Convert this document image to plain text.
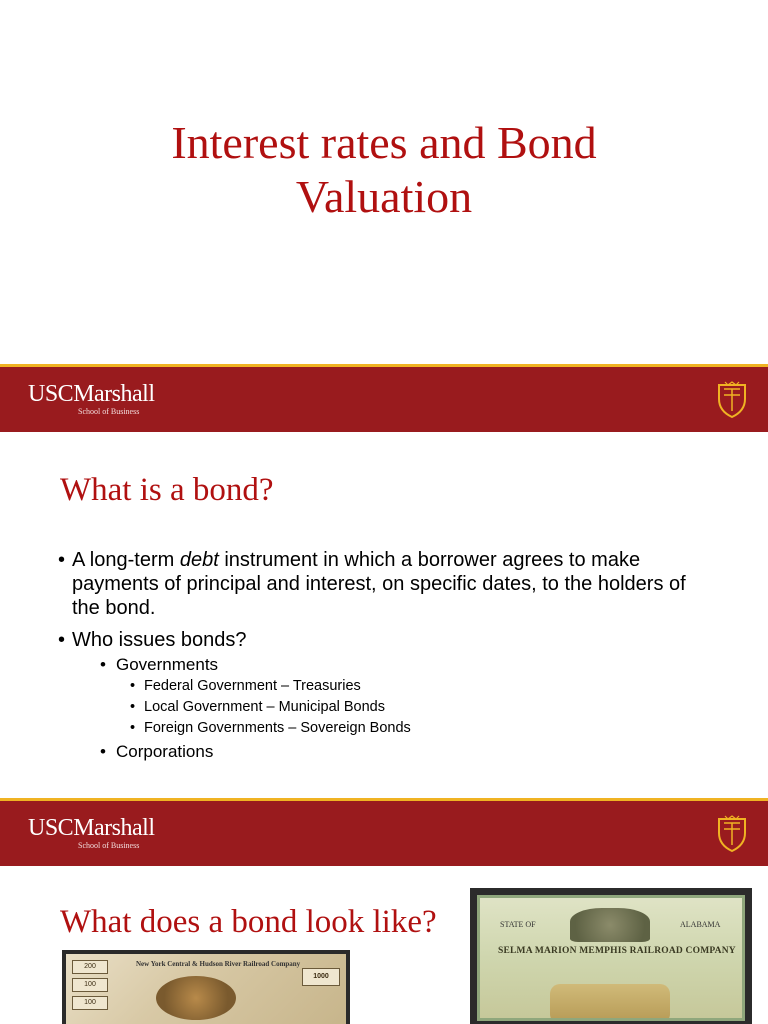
Interest rates and Bond
Valuation
USCMarshall
School of Business
What is a bond?
• A long-term debt instrument in which a borrower agrees to make payments of principal and interest, on specific dates, to the holders of the bond.
• Who issues bonds?
• Governments
• Federal Government – Treasuries
• Local Government – Municipal Bonds
• Foreign Governments – Sovereign Bonds
• Corporations
USCMarshall
School of Business
What does a bond look like?
200
100
100
New York Central & Hudson River Railroad Company
1000
STATE OF	ALABAMA
SELMA MARION MEMPHIS RAILROAD COMPANY
